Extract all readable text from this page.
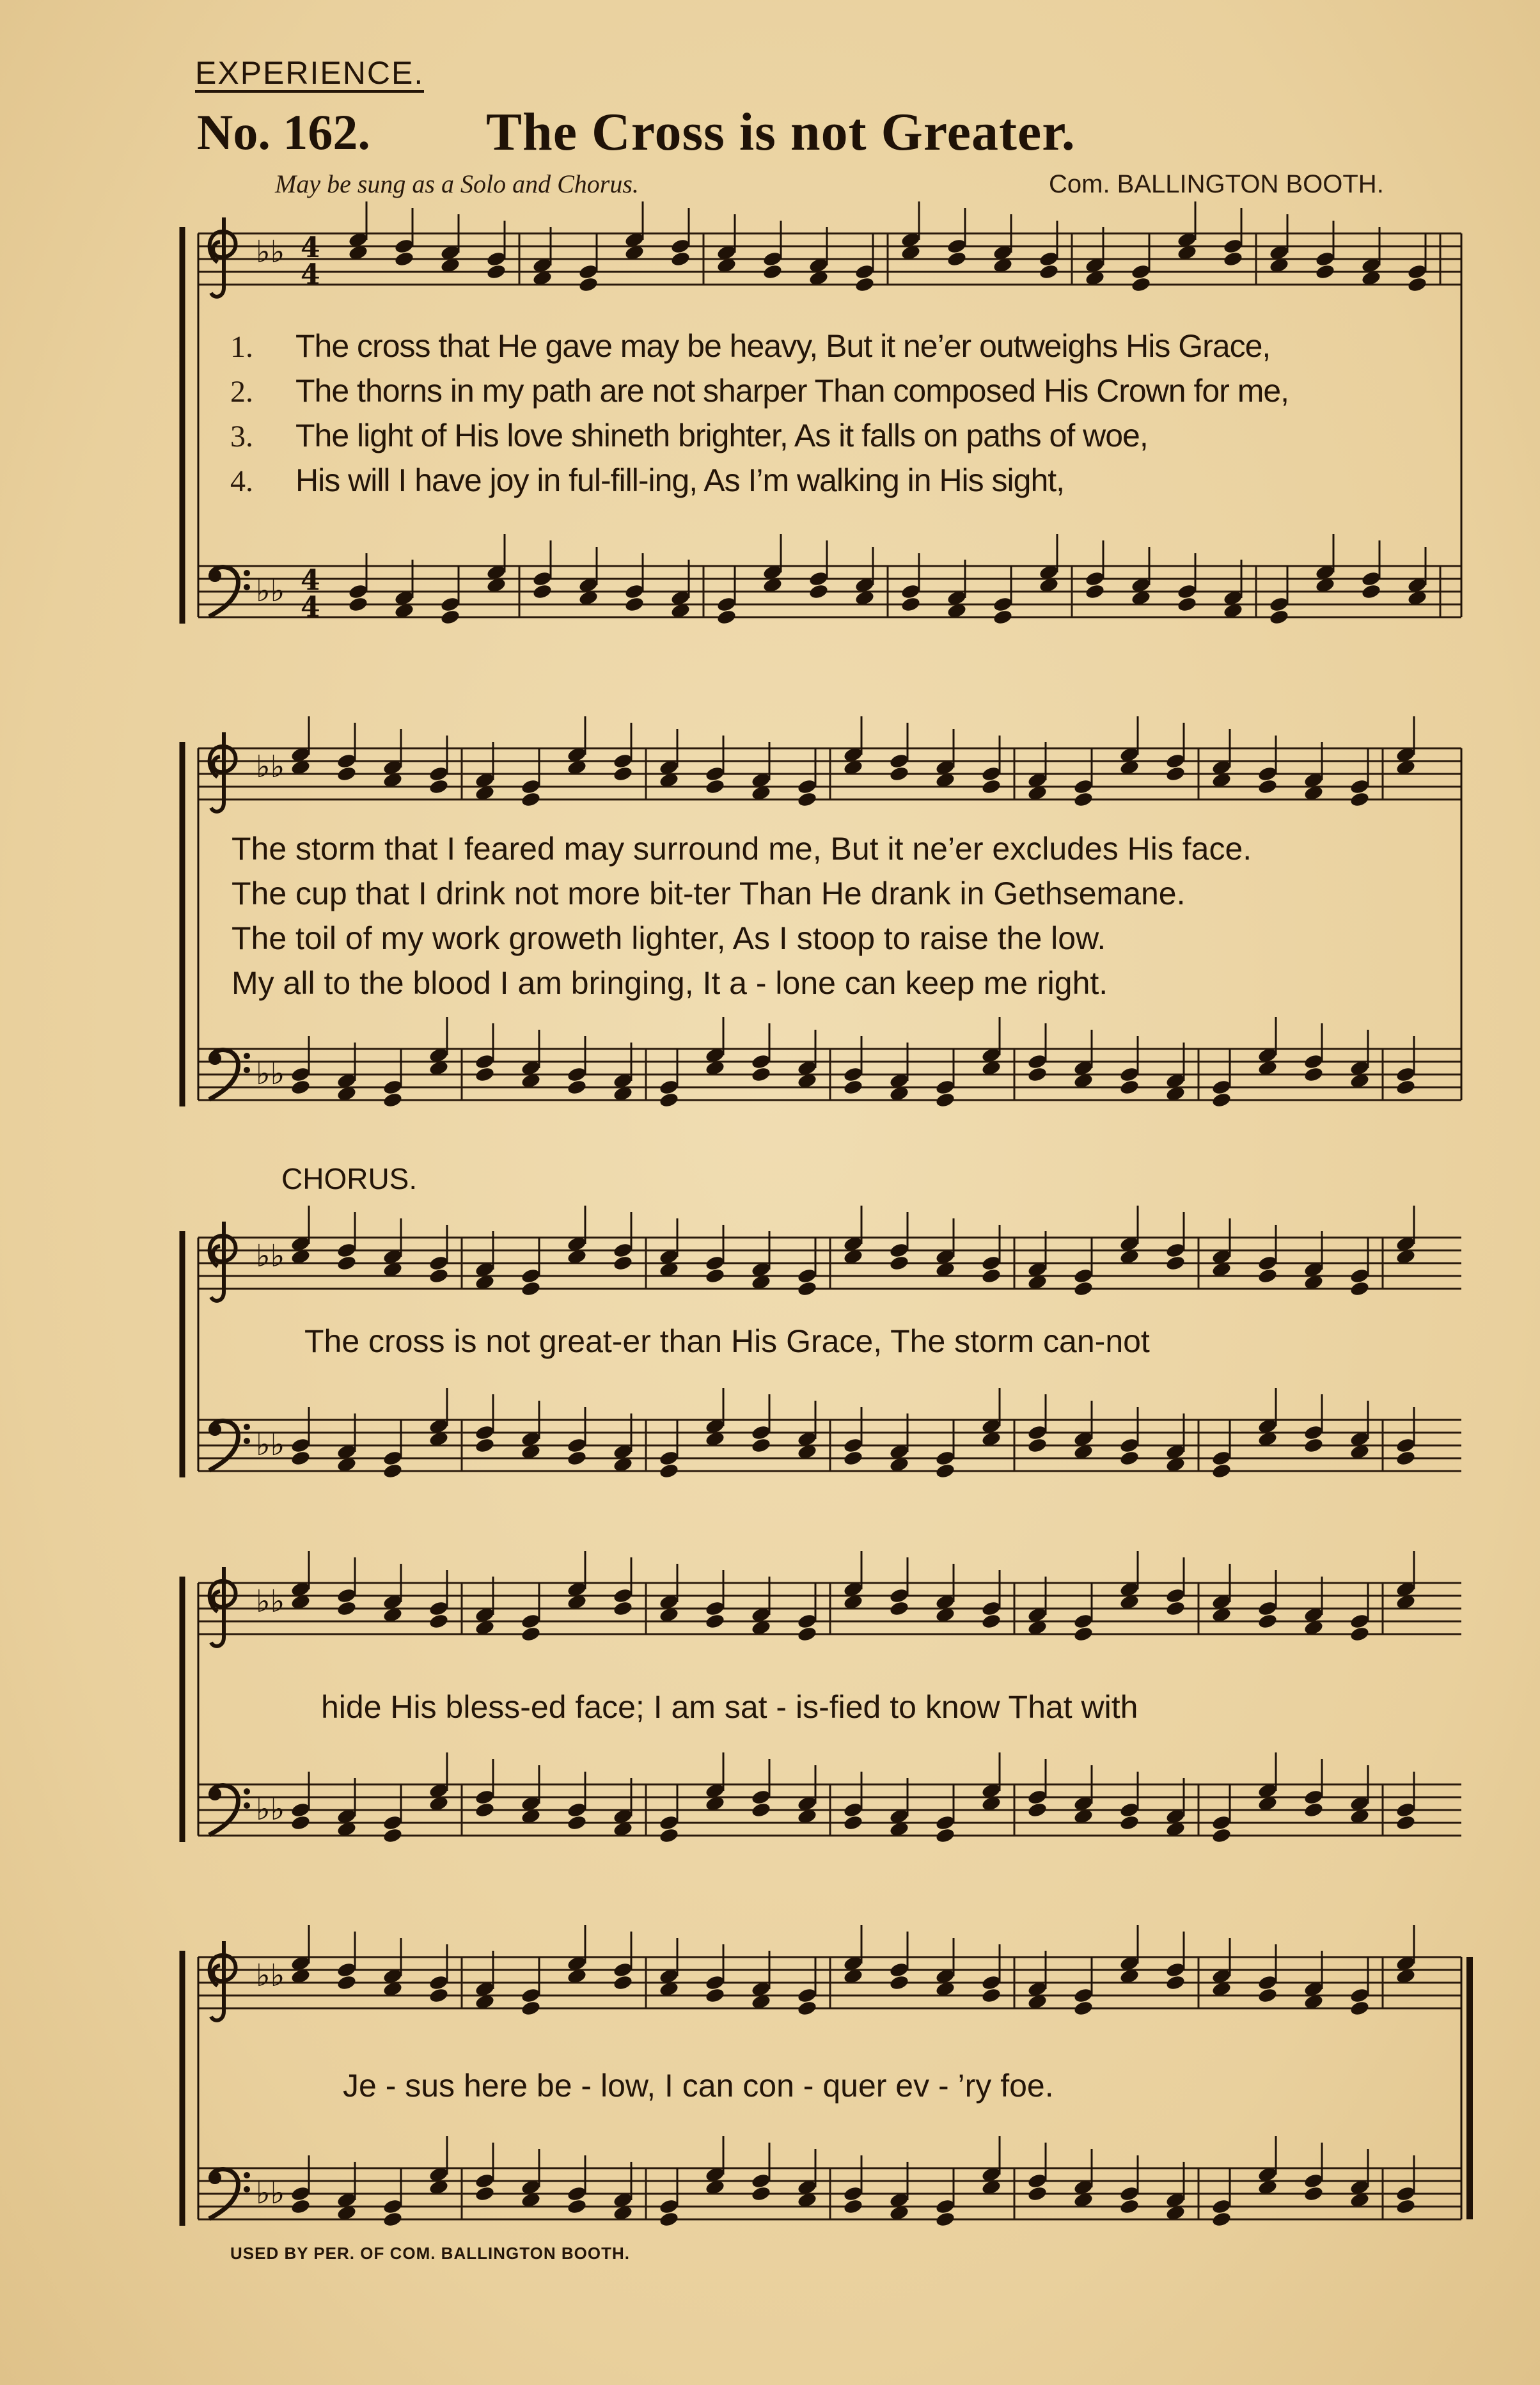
EXPERIENCE.
No. 162. The Cross is not Greater.
May be sung as a Solo and Chorus.	Com. BALLINGTON BOOTH.
♭♭
♭♭
♭♭
♭♭
♭♭
♭♭
♭♭
♭♭
♭♭
♭♭
4
4
4
4
1. The cross that He gave may be heavy, But it ne’er outweighs His Grace,
2. The thorns in my path are not sharper Than composed His Crown for me,
3. The light of His love shineth brighter, As it falls on paths of woe,
4. His will I have joy in ful-fill-ing, As I’m walking in His sight,
The storm that I feared may surround me, But it ne’er excludes His face.
The cup that I drink not more bit-ter Than He drank in Gethsemane.
The toil of my work groweth lighter, As I stoop to raise the low.
My all to the blood I am bringing, It a - lone can keep me right.
CHORUS.
The cross is not great-er than His Grace, The storm can-not
hide His bless-ed face; I am sat - is-fied to know That with
Je - sus here be - low, I can con - quer ev - ’ry foe.
USED BY PER. OF COM. BALLINGTON BOOTH.
